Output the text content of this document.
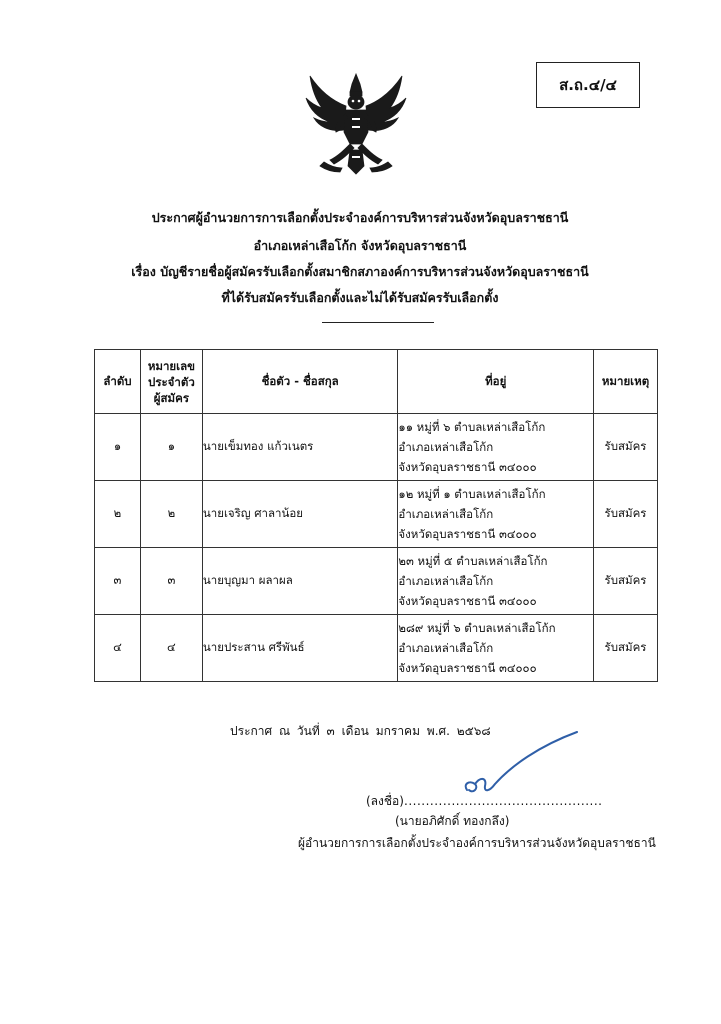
ส.ถ.๔/๔
ประกาศผู้อำนวยการการเลือกตั้งประจำองค์การบริหารส่วนจังหวัดอุบลราชธานี
อำเภอเหล่าเสือโก้ก จังหวัดอุบลราชธานี
เรื่อง บัญชีรายชื่อผู้สมัครรับเลือกตั้งสมาชิกสภาองค์การบริหารส่วนจังหวัดอุบลราชธานี
ที่ได้รับสมัครรับเลือกตั้งและไม่ได้รับสมัครรับเลือกตั้ง
ลำดับ	หมายเลข
ประจำตัว
ผู้สมัคร	ชื่อตัว - ชื่อสกุล	ที่อยู่	หมายเหตุ
๑	๑	นายเข็มทอง แก้วเนตร	๑๑ หมู่ที่ ๖ ตำบลเหล่าเสือโก้ก
อำเภอเหล่าเสือโก้ก
จังหวัดอุบลราชธานี ๓๔๐๐๐	รับสมัคร
๒	๒	นายเจริญ ศาลาน้อย	๑๒ หมู่ที่ ๑ ตำบลเหล่าเสือโก้ก
อำเภอเหล่าเสือโก้ก
จังหวัดอุบลราชธานี ๓๔๐๐๐	รับสมัคร
๓	๓	นายบุญมา ผลาผล	๒๓ หมู่ที่ ๕ ตำบลเหล่าเสือโก้ก
อำเภอเหล่าเสือโก้ก
จังหวัดอุบลราชธานี ๓๔๐๐๐	รับสมัคร
๔	๔	นายประสาน ศรีพันธ์	๒๘๙ หมู่ที่ ๖ ตำบลเหล่าเสือโก้ก
อำเภอเหล่าเสือโก้ก
จังหวัดอุบลราชธานี ๓๔๐๐๐	รับสมัคร
ประกาศ ณ วันที่ ๓ เดือน มกราคม พ.ศ. ๒๕๖๘
(ลงชื่อ) ..............................................
(นายอภิศักดิ์ ทองกลึง)
ผู้อำนวยการการเลือกตั้งประจำองค์การบริหารส่วนจังหวัดอุบลราชธานี
